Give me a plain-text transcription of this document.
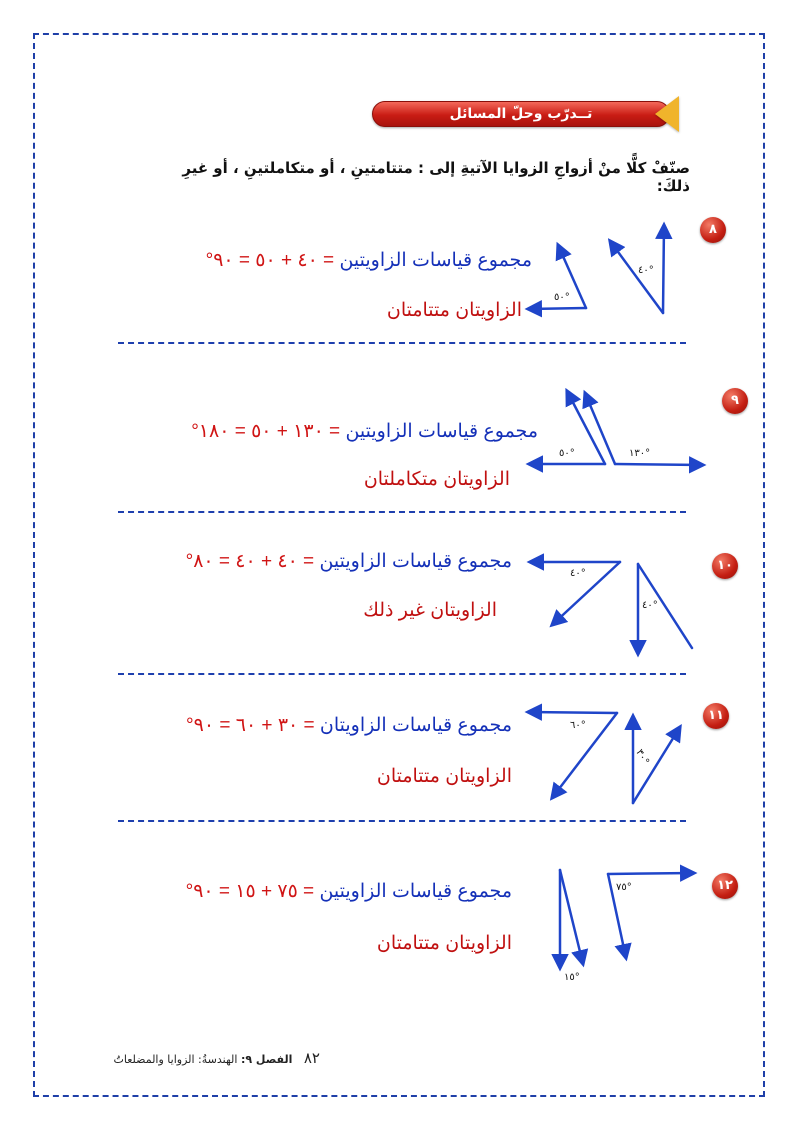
تــدرّب وحلّ المسائل
صنّفْ كلًّا منْ أزواجِ الزوايا الآتيةِ إلى : متتامتينِ ، أو متكاملتينِ ، أو غيرِ ذلكَ:
٨
مجموع قياسات الزاويتين = ٤٠ + ٥٠ = ٩٠°
الزاويتان متتامتان
٤٠°
٥٠°
٩
مجموع قياسات الزاويتين = ١٣٠ + ٥٠ = ١٨٠°
الزاويتان متكاملتان
١٣٠°
٥٠°
١٠
مجموع قياسات الزاويتين = ٤٠ + ٤٠ = ٨٠°
الزاويتان غير ذلك
٤٠°
٤٠°
١١
مجموع قياسات الزاويتان = ٣٠ + ٦٠ = ٩٠°
الزاويتان متتامتان
٦٠°
٣٠°
١٢
مجموع قياسات الزاويتين = ٧٥ + ١٥ = ٩٠°
الزاويتان متتامتان
٧٥°
١٥°
٨٢ الفصل ٩: الهندسةُ: الزوايا والمضلعاتُ
